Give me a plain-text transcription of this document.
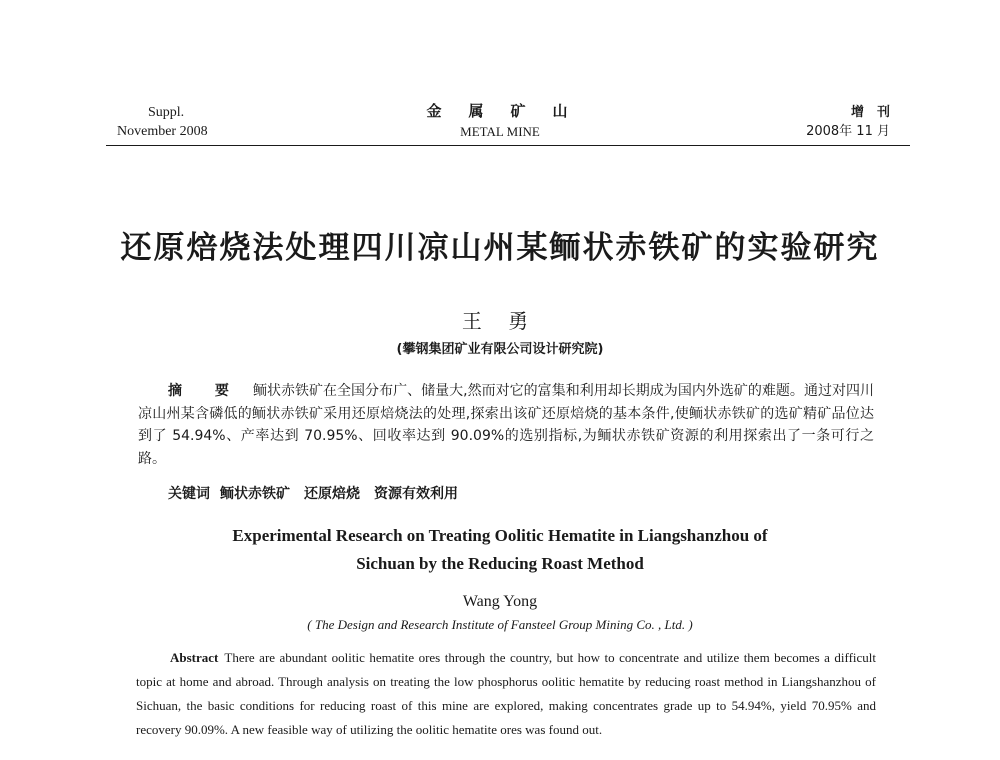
Suppl.
November 2008
金　属　矿　山
METAL MINE
增　刊
2008年 11 月
还原焙烧法处理四川凉山州某鲕状赤铁矿的实验研究
王 勇
(攀钢集团矿业有限公司设计研究院)
摘 要 鲕状赤铁矿在全国分布广、储量大,然而对它的富集和利用却长期成为国内外选矿的难题。通过对四川凉山州某含磷低的鲕状赤铁矿采用还原焙烧法的处理,探索出该矿还原焙烧的基本条件,使鲕状赤铁矿的选矿精矿品位达到了 54.94%、产率达到 70.95%、回收率达到 90.09%的选别指标,为鲕状赤铁矿资源的利用探索出了一条可行之路。
关键词 鲕状赤铁矿　还原焙烧　资源有效利用
Experimental Research on Treating Oolitic Hematite in Liangshanzhou of
Sichuan by the Reducing Roast Method
Wang Yong
( The Design and Research Institute of Fansteel Group Mining Co. , Ltd. )
Abstract There are abundant oolitic hematite ores through the country, but how to concentrate and utilize them becomes a difficult topic at home and abroad. Through analysis on treating the low phosphorus oolitic hematite by reducing roast method in Liangshanzhou of Sichuan, the basic conditions for reducing roast of this mine are explored, making concentrates grade up to 54.94%, yield 70.95% and recovery 90.09%. A new feasible way of utilizing the oolitic hematite ores was found out.
